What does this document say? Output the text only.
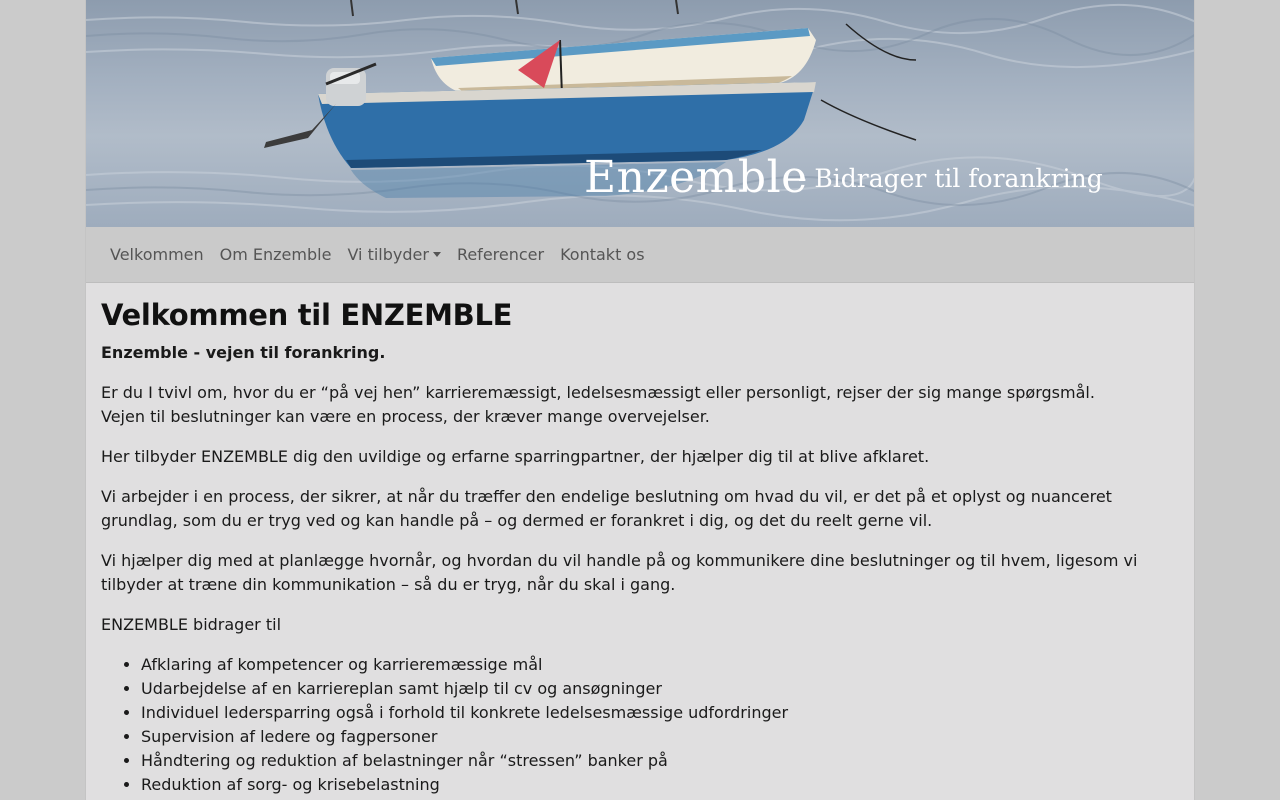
Enzemble
- Bidrager til forankring
Velkommen	Om Enzemble	Vi tilbyder	Referencer	Kontakt os
Velkommen til ENZEMBLE

Enzemble - vejen til forankring.

Er du I tvivl om, hvor du er “på vej hen” karrieremæssigt, ledelsesmæssigt eller personligt, rejser der sig mange spørgsmål.
Vejen til beslutninger kan være en process, der kræver mange overvejelser.

Her tilbyder ENZEMBLE dig den uvildige og erfarne sparringpartner, der hjælper dig til at blive afklaret.

Vi arbejder i en process, der sikrer, at når du træffer den endelige beslutning om hvad du vil, er det på et oplyst og nuanceret grundlag, som du er tryg ved og kan handle på – og dermed er forankret i dig, og det du reelt gerne vil.

Vi hjælper dig med at planlægge hvornår, og hvordan du vil handle på og kommunikere dine beslutninger og til hvem, ligesom vi tilbyder at træne din kommunikation – så du er tryg, når du skal i gang.

ENZEMBLE bidrager til

• Afklaring af kompetencer og karrieremæssige mål
• Udarbejdelse af en karriereplan samt hjælp til cv og ansøgninger
• Individuel ledersparring også i forhold til konkrete ledelsesmæssige udfordringer
• Supervision af ledere og fagpersoner
• Håndtering og reduktion af belastninger når “stressen” banker på
• Reduktion af sorg- og krisebelastning
